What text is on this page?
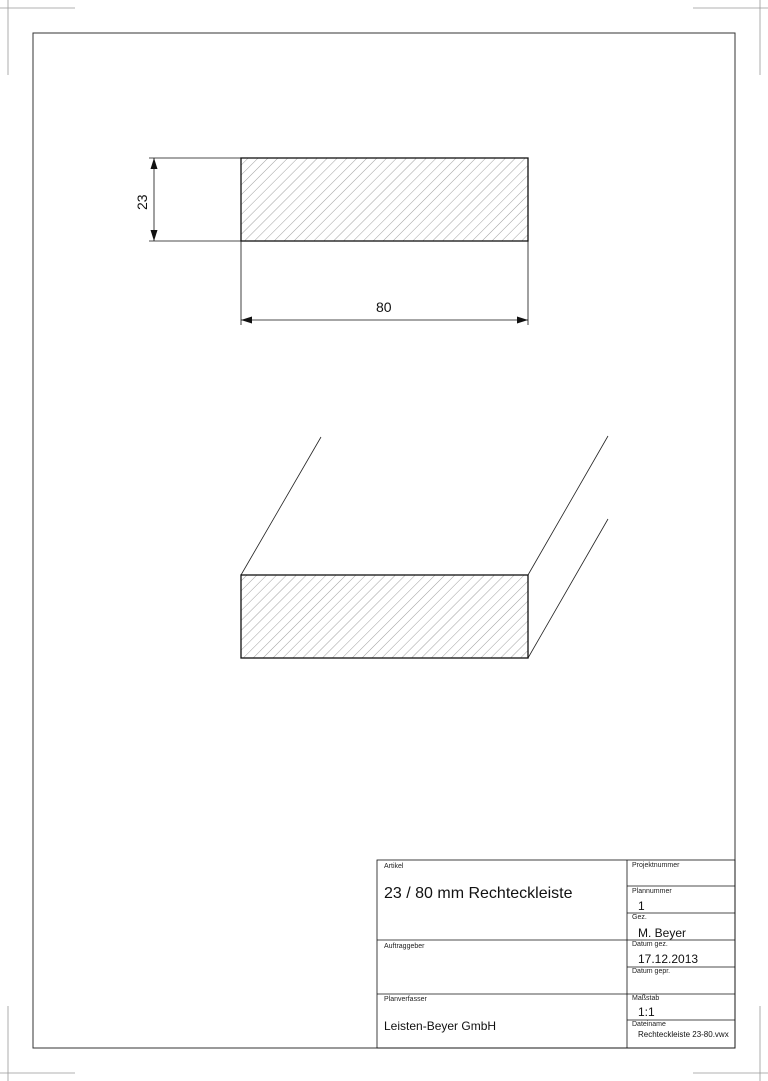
23
80
Artikel
23 / 80 mm Rechteckleiste
Projektnummer
Plannummer
1
Gez.
M. Beyer
Auftraggeber	Datum gez.
17.12.2013
Datum gepr.
Planverfasser
Leisten-Beyer GmbH
Maßstab
1:1
Dateiname
Rechteckleiste 23-80.vwx
